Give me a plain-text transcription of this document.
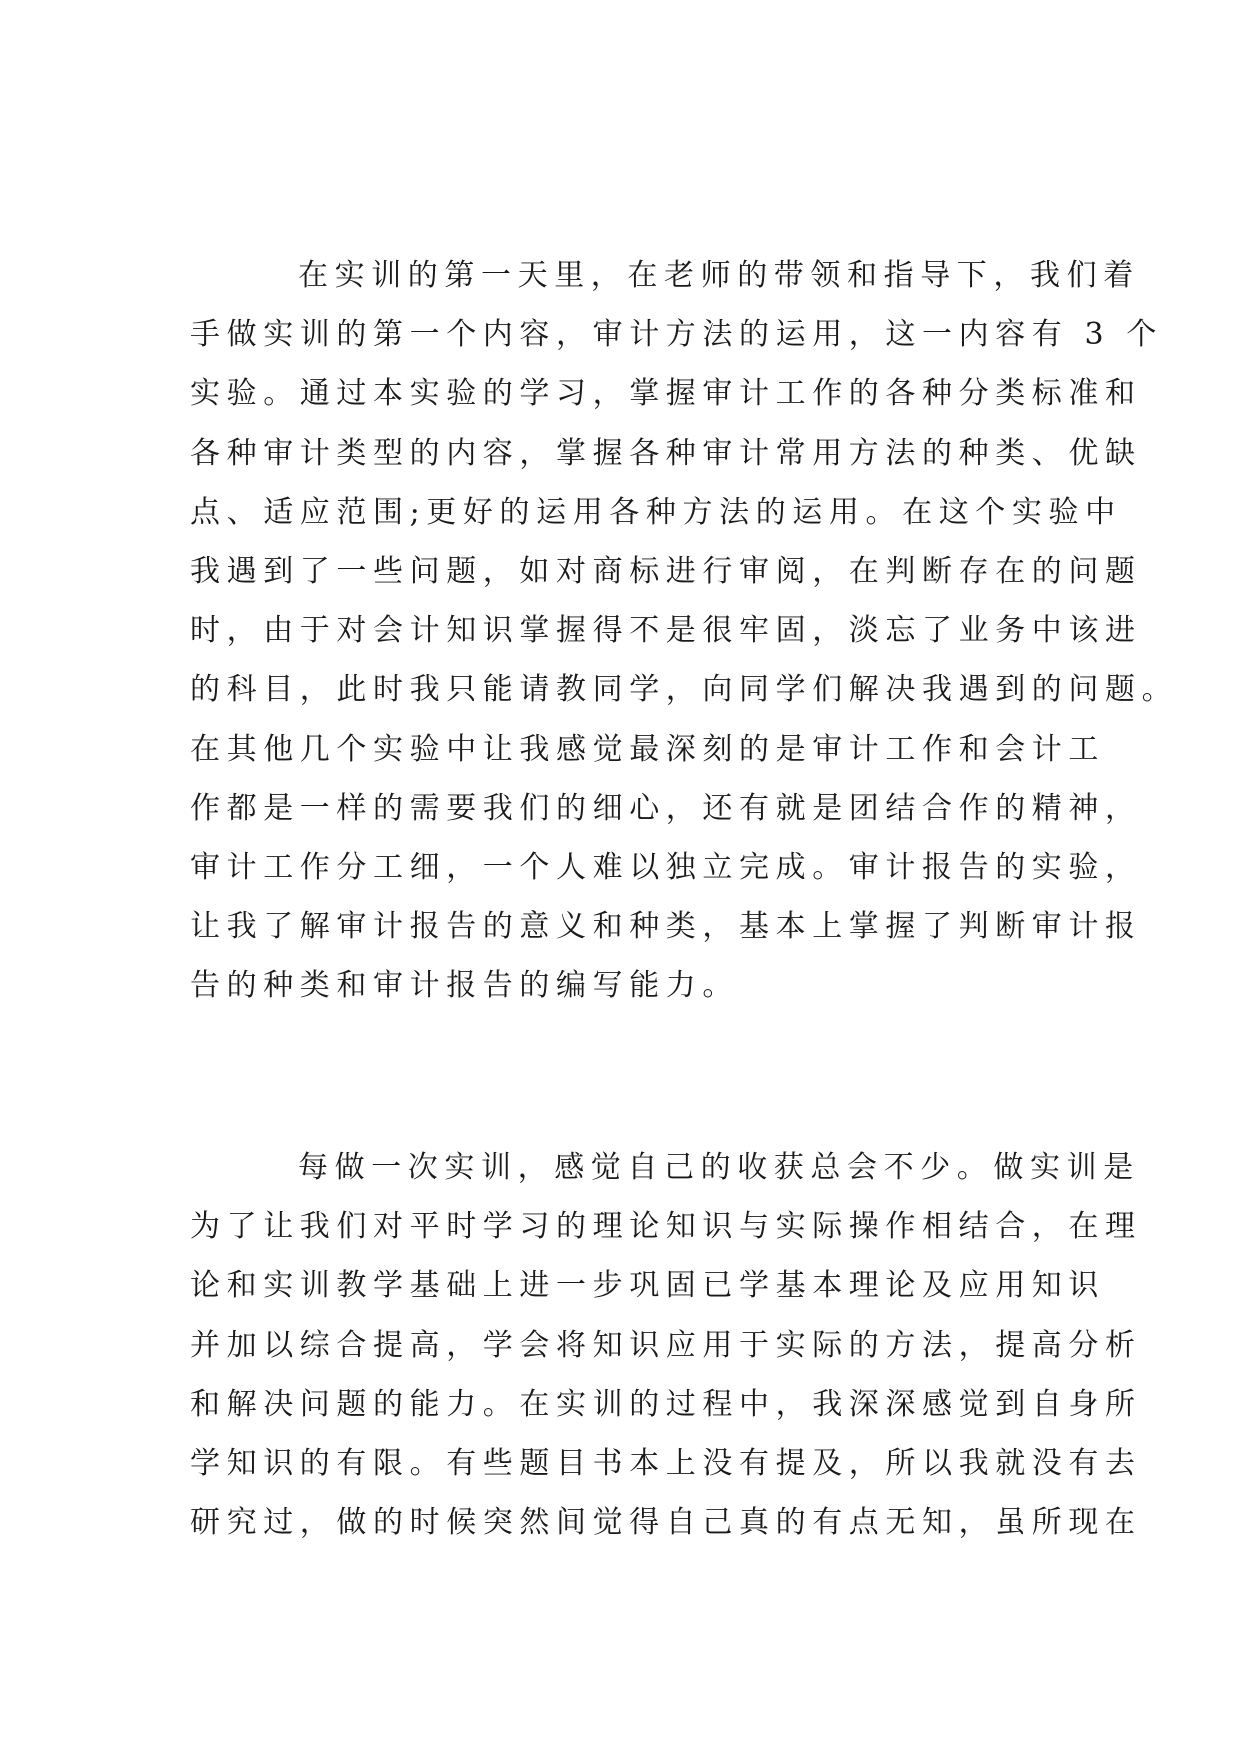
在实训的第一天里，在老师的带领和指导下，我们着
手做实训的第一个内容，审计方法的运用，这一内容有 3 个
实验。通过本实验的学习，掌握审计工作的各种分类标准和
各种审计类型的内容，掌握各种审计常用方法的种类、优缺
点、适应范围;更好的运用各种方法的运用。在这个实验中
我遇到了一些问题，如对商标进行审阅，在判断存在的问题
时，由于对会计知识掌握得不是很牢固，淡忘了业务中该进
的科目，此时我只能请教同学，向同学们解决我遇到的问题。
在其他几个实验中让我感觉最深刻的是审计工作和会计工
作都是一样的需要我们的细心，还有就是团结合作的精神，
审计工作分工细，一个人难以独立完成。审计报告的实验，
让我了解审计报告的意义和种类，基本上掌握了判断审计报
告的种类和审计报告的编写能力。
每做一次实训，感觉自己的收获总会不少。做实训是
为了让我们对平时学习的理论知识与实际操作相结合，在理
论和实训教学基础上进一步巩固已学基本理论及应用知识
并加以综合提高，学会将知识应用于实际的方法，提高分析
和解决问题的能力。在实训的过程中，我深深感觉到自身所
学知识的有限。有些题目书本上没有提及，所以我就没有去
研究过，做的时候突然间觉得自己真的有点无知，虽所现在
